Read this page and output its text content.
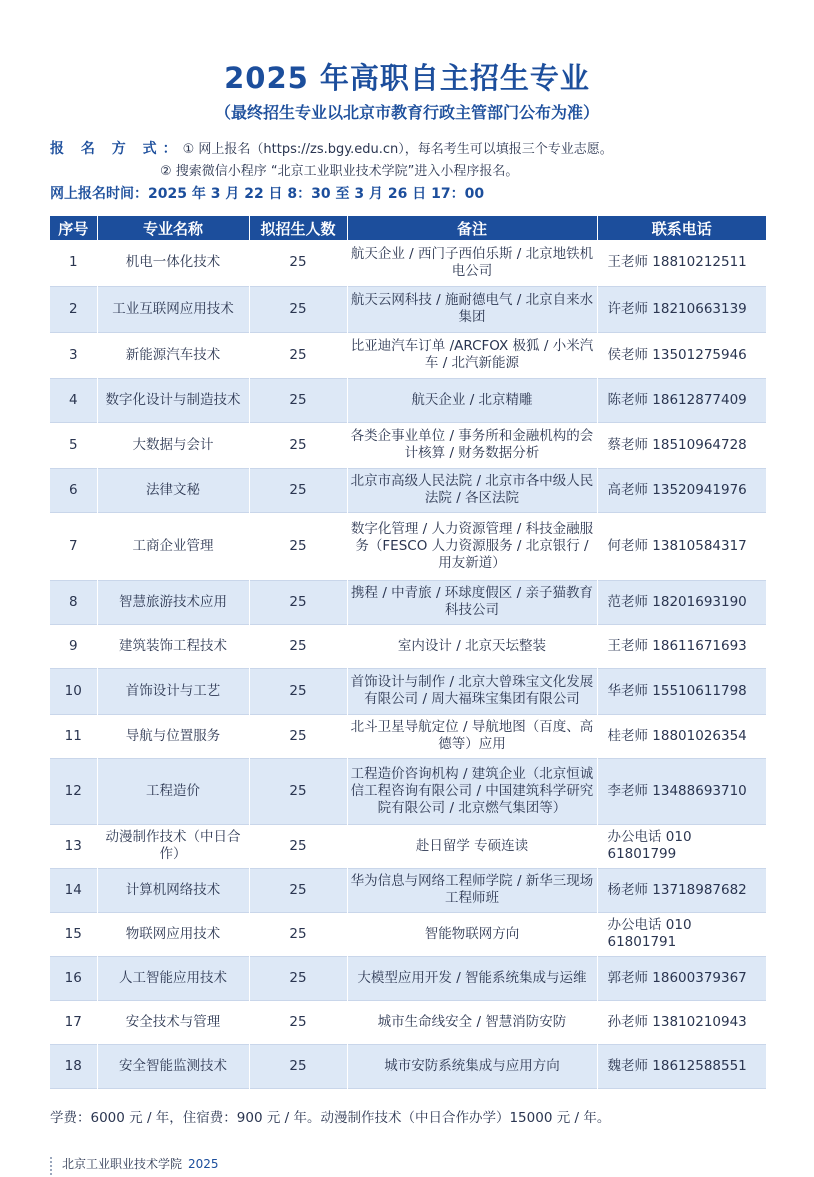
2025 年高职自主招生专业
（最终招生专业以北京市教育行政主管部门公布为准）
报 名 方 式：① 网上报名（https://zs.bgy.edu.cn），每名考生可以填报三个专业志愿。
② 搜索微信小程序 “北京工业职业技术学院”进入小程序报名。
网上报名时间：2025 年 3 月 22 日 8：30 至 3 月 26 日 17：00
序号	专业名称	拟招生人数	备注	联系电话
1	机电一体化技术	25	航天企业 / 西门子西伯乐斯 / 北京地铁机电公司	王老师 18810212511
2	工业互联网应用技术	25	航天云网科技 / 施耐德电气 / 北京自来水集团	许老师 18210663139
3	新能源汽车技术	25	比亚迪汽车订单 /ARCFOX 极狐 / 小米汽车 / 北汽新能源	侯老师 13501275946
4	数字化设计与制造技术	25	航天企业 / 北京精雕	陈老师 18612877409
5	大数据与会计	25	各类企事业单位 / 事务所和金融机构的会计核算 / 财务数据分析	蔡老师 18510964728
6	法律文秘	25	北京市高级人民法院 / 北京市各中级人民法院 / 各区法院	高老师 13520941976
7	工商企业管理	25	数字化管理 / 人力资源管理 / 科技金融服务（FESCO 人力资源服务 / 北京银行 / 用友新道）	何老师 13810584317
8	智慧旅游技术应用	25	携程 / 中青旅 / 环球度假区 / 亲子猫教育科技公司	范老师 18201693190
9	建筑装饰工程技术	25	室内设计 / 北京天坛整装	王老师 18611671693
10	首饰设计与工艺	25	首饰设计与制作 / 北京大曾珠宝文化发展有限公司 / 周大福珠宝集团有限公司	华老师 15510611798
11	导航与位置服务	25	北斗卫星导航定位 / 导航地图（百度、高德等）应用	桂老师 18801026354
12	工程造价	25	工程造价咨询机构 / 建筑企业（北京恒诚信工程咨询有限公司 / 中国建筑科学研究院有限公司 / 北京燃气集团等）	李老师 13488693710
13	动漫制作技术（中日合作）	25	赴日留学 专硕连读	办公电话 010 61801799
14	计算机网络技术	25	华为信息与网络工程师学院 / 新华三现场工程师班	杨老师 13718987682
15	物联网应用技术	25	智能物联网方向	办公电话 010 61801791
16	人工智能应用技术	25	大模型应用开发 / 智能系统集成与运维	郭老师 18600379367
17	安全技术与管理	25	城市生命线安全 / 智慧消防安防	孙老师 13810210943
18	安全智能监测技术	25	城市安防系统集成与应用方向	魏老师 18612588551
学费：6000 元 / 年，住宿费：900 元 / 年。动漫制作技术（中日合作办学）15000 元 / 年。
北京工业职业技术学院 2025
